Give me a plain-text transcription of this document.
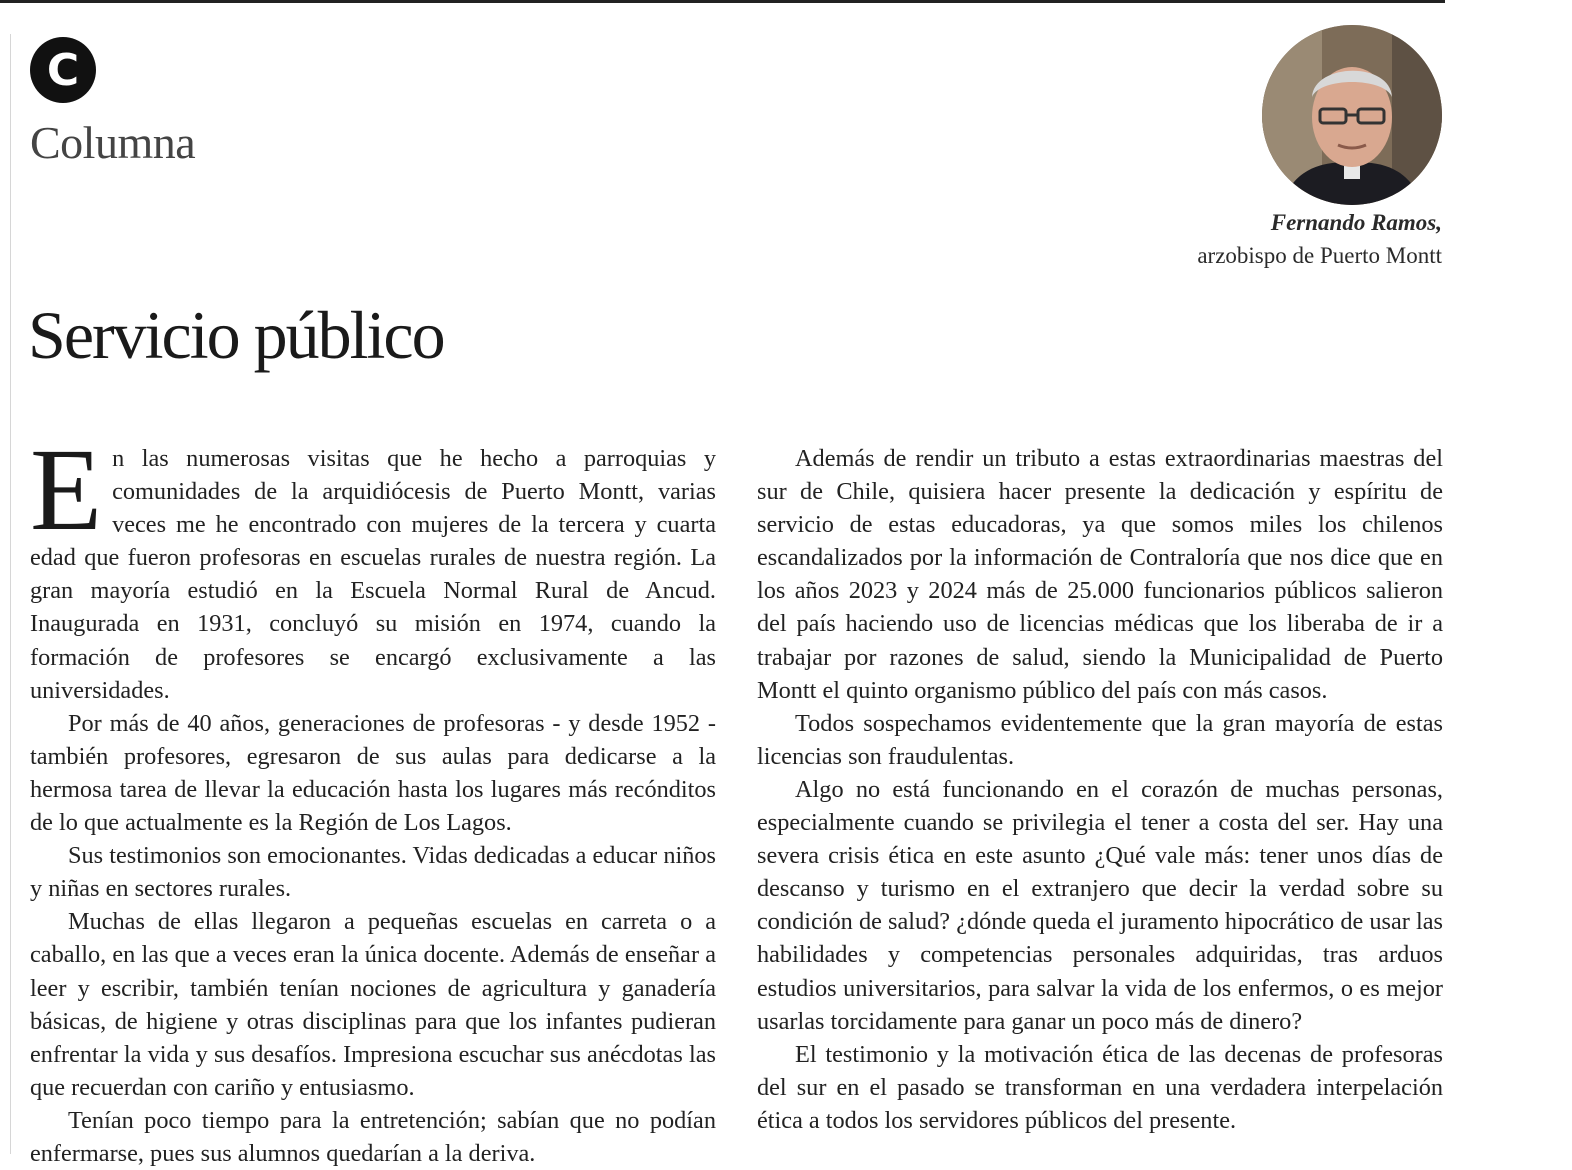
C
Columna
Fernando Ramos,
arzobispo de Puerto Montt
Servicio público

En las numerosas visitas que he hecho a parroquias y comunidades de la arquidiócesis de Puerto Montt, varias veces me he encontrado con mujeres de la tercera y cuarta edad que fueron profesoras en escuelas rurales de nuestra región. La gran mayoría estudió en la Escuela Normal Rural de Ancud. Inaugurada en 1931, concluyó su misión en 1974, cuando la formación de profesores se encargó exclusivamente a las universidades.

Por más de 40 años, generaciones de profesoras - y desde 1952 - también profesores, egresaron de sus aulas para dedicarse a la hermosa tarea de llevar la educación hasta los lugares más recónditos de lo que actualmente es la Región de Los Lagos.

Sus testimonios son emocionantes. Vidas dedicadas a educar niños y niñas en sectores rurales.

Muchas de ellas llegaron a pequeñas escuelas en carreta o a caballo, en las que a veces eran la única docente. Además de enseñar a leer y escribir, también tenían nociones de agricultura y ganadería básicas, de higiene y otras disciplinas para que los infantes pudieran enfrentar la vida y sus desafíos. Impresiona escuchar sus anécdotas las que recuerdan con cariño y entusiasmo.

Tenían poco tiempo para la entretención; sabían que no podían enfermarse, pues sus alumnos quedarían a la deriva.

Además de rendir un tributo a estas extraordinarias maestras del sur de Chile, quisiera hacer presente la dedicación y espíritu de servicio de estas educadoras, ya que somos miles los chilenos escandalizados por la información de Contraloría que nos dice que en los años 2023 y 2024 más de 25.000 funcionarios públicos salieron del país haciendo uso de licencias médicas que los liberaba de ir a trabajar por razones de salud, siendo la Municipalidad de Puerto Montt el quinto organismo público del país con más casos.

Todos sospechamos evidentemente que la gran mayoría de estas licencias son fraudulentas.

Algo no está funcionando en el corazón de muchas personas, especialmente cuando se privilegia el tener a costa del ser. Hay una severa crisis ética en este asunto ¿Qué vale más: tener unos días de descanso y turismo en el extranjero que decir la verdad sobre su condición de salud? ¿dónde queda el juramento hipocrático de usar las habilidades y competencias personales adquiridas, tras arduos estudios universitarios, para salvar la vida de los enfermos, o es mejor usarlas torcidamente para ganar un poco más de dinero?

El testimonio y la motivación ética de las decenas de profesoras del sur en el pasado se transforman en una verdadera interpelación ética a todos los servidores públicos del presente.
